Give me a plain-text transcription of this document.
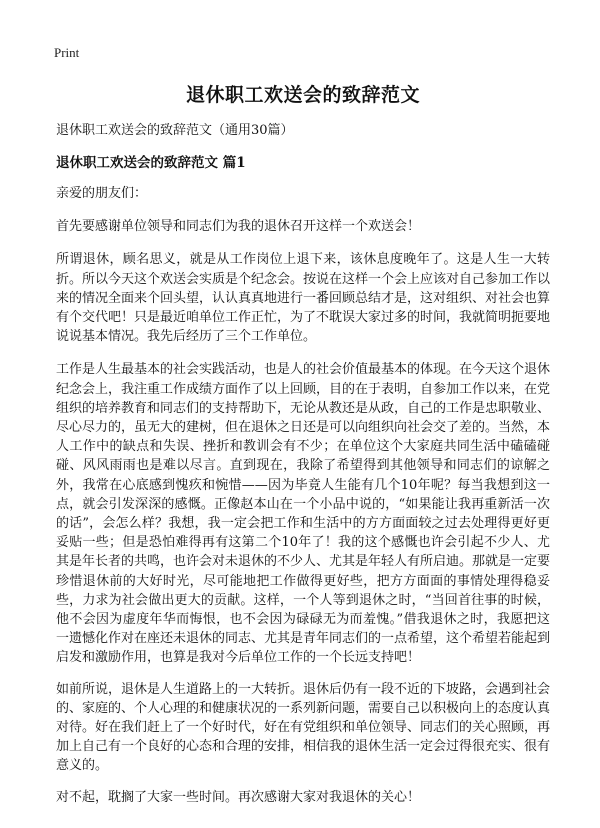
Print
退休职工欢送会的致辞范文
退休职工欢送会的致辞范文（通用30篇）
退休职工欢送会的致辞范文 篇1
亲爱的朋友们：
首先要感谢单位领导和同志们为我的退休召开这样一个欢送会！
所谓退休，顾名思义，就是从工作岗位上退下来，该休息度晚年了。这是人生一大转折。所以今天这个欢送会实质是个纪念会。按说在这样一个会上应该对自己参加工作以来的情况全面来个回头望，认认真真地进行一番回顾总结才是，这对组织、对社会也算有个交代吧！只是最近咱单位工作正忙，为了不耽误大家过多的时间，我就简明扼要地说说基本情况。我先后经历了三个工作单位。
工作是人生最基本的社会实践活动，也是人的社会价值最基本的体现。在今天这个退休纪念会上，我注重工作成绩方面作了以上回顾，目的在于表明，自参加工作以来，在党组织的培养教育和同志们的支持帮助下，无论从教还是从政，自己的工作是忠职敬业、尽心尽力的，虽无大的建树，但在退休之日还是可以向组织向社会交了差的。当然，本人工作中的缺点和失误、挫折和教训会有不少；在单位这个大家庭共同生活中磕磕碰碰、风风雨雨也是难以尽言。直到现在，我除了希望得到其他领导和同志们的谅解之外，我常在心底感到愧疚和惋惜——因为毕竟人生能有几个10年呢？每当我想到这一点，就会引发深深的感慨。正像赵本山在一个小品中说的，“如果能让我再重新活一次的话”，会怎么样？我想，我一定会把工作和生活中的方方面面较之过去处理得更好更妥贴一些；但是恐怕难得再有这第二个10年了！我的这个感慨也许会引起不少人、尤其是年长者的共鸣，也许会对未退休的不少人、尤其是年轻人有所启迪。那就是一定要珍惜退休前的大好时光，尽可能地把工作做得更好些，把方方面面的事情处理得稳妥些，力求为社会做出更大的贡献。这样，一个人等到退休之时，“当回首往事的时候，他不会因为虚度年华而悔恨，也不会因为碌碌无为而羞愧。”借我退休之时，我愿把这一遗憾化作对在座还未退休的同志、尤其是青年同志们的一点希望，这个希望若能起到启发和激励作用，也算是我对今后单位工作的一个长远支持吧！
如前所说，退休是人生道路上的一大转折。退休后仍有一段不近的下坡路，会遇到社会的、家庭的、个人心理的和健康状况的一系列新问题，需要自己以积极向上的态度认真对待。好在我们赶上了一个好时代，好在有党组织和单位领导、同志们的关心照顾，再加上自己有一个良好的心态和合理的安排，相信我的退休生活一定会过得很充实、很有意义的。
对不起，耽搁了大家一些时间。再次感谢大家对我退休的关心！
